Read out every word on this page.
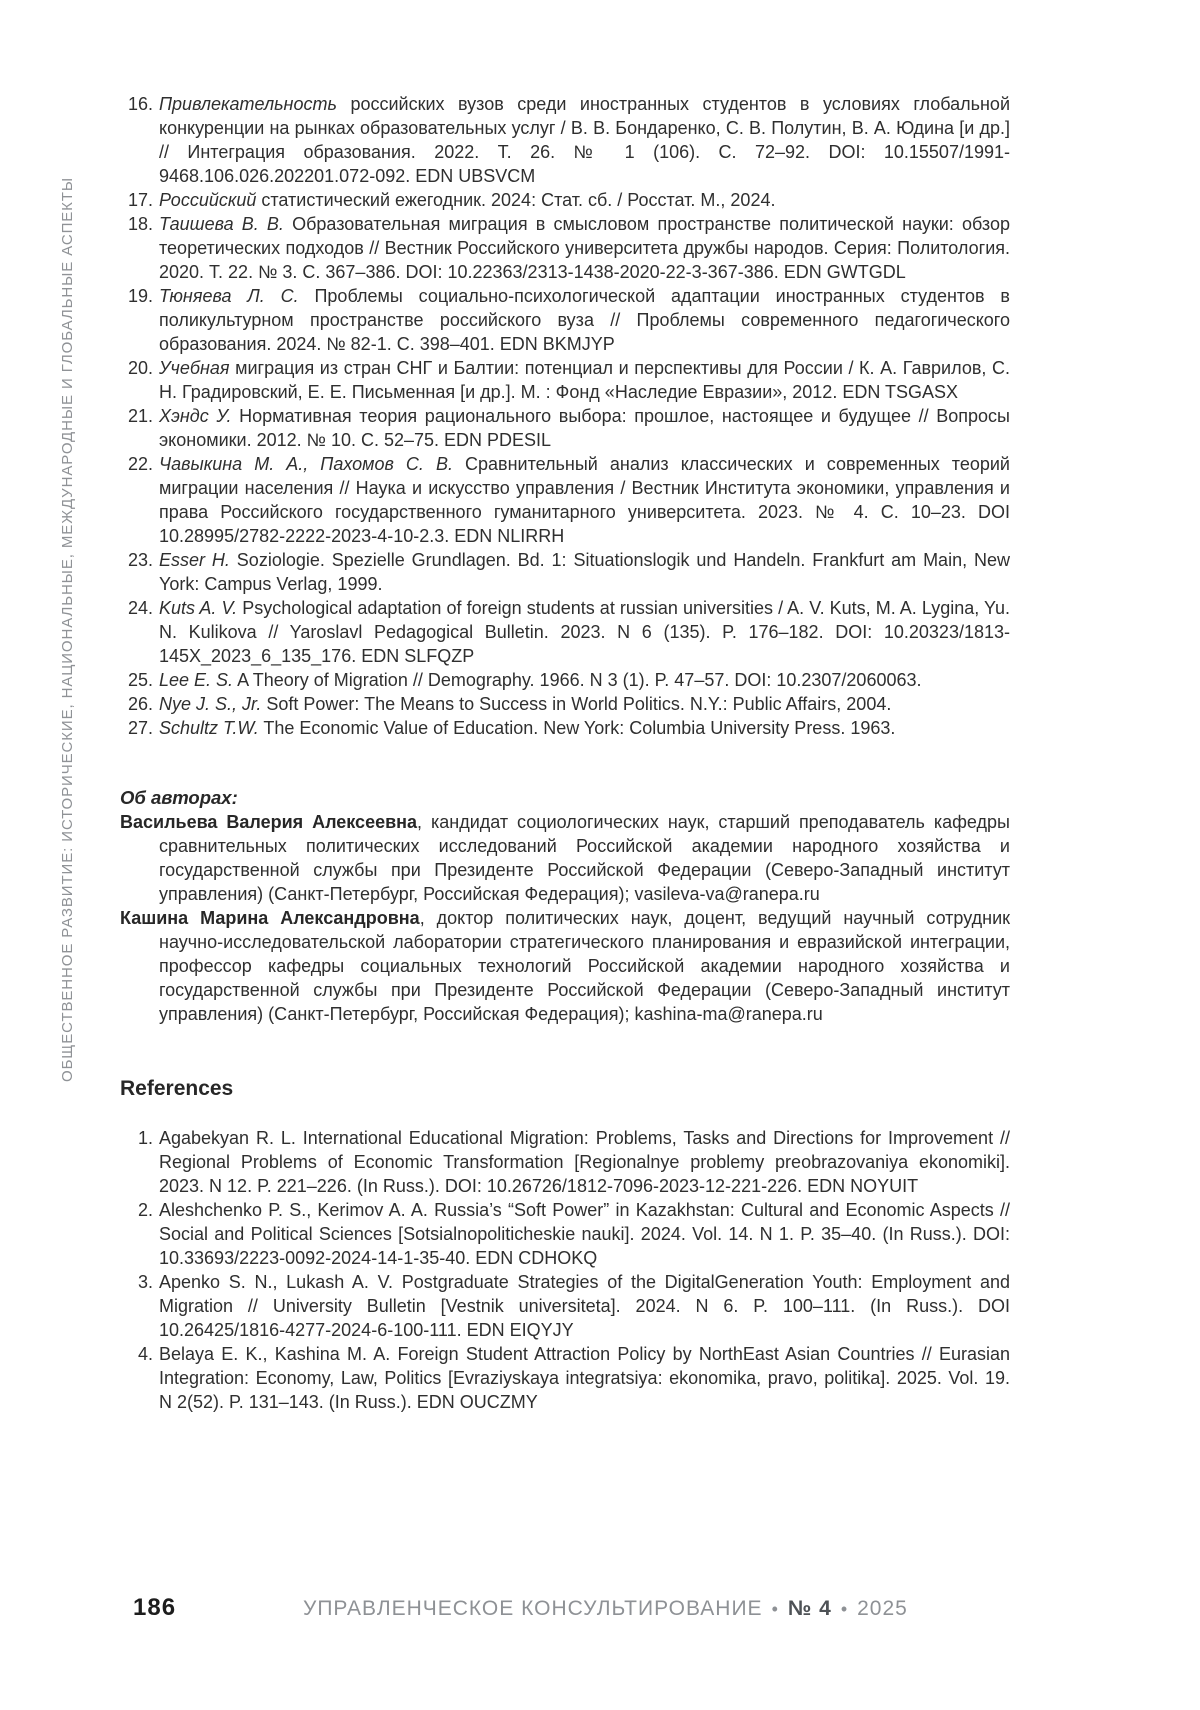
ОБЩЕСТВЕННОЕ РАЗВИТИЕ: ИСТОРИЧЕСКИЕ, НАЦИОНАЛЬНЫЕ, МЕЖДУНАРОДНЫЕ И ГЛОБАЛЬНЫЕ АСПЕКТЫ

16. Привлекательность российских вузов среди иностранных студентов в условиях глобальной конкуренции на рынках образовательных услуг / В. В. Бондаренко, С. В. Полутин, В. А. Юдина [и др.] // Интеграция образования. 2022. Т. 26. № 1 (106). С. 72–92. DOI: 10.15507/1991-9468.106.026.202201.072-092. EDN UBSVCM

17. Российский статистический ежегодник. 2024: Стат. сб. / Росстат. М., 2024.

18. Таишева В. В. Образовательная миграция в смысловом пространстве политической науки: обзор теоретических подходов // Вестник Российского университета дружбы народов. Серия: Политология. 2020. Т. 22. № 3. С. 367–386. DOI: 10.22363/2313-1438-2020-22-3-367-386. EDN GWTGDL

19. Тюняева Л. С. Проблемы социально-психологической адаптации иностранных студентов в поликультурном пространстве российского вуза // Проблемы современного педагогического образования. 2024. № 82-1. С. 398–401. EDN BKMJYP

20. Учебная миграция из стран СНГ и Балтии: потенциал и перспективы для России / К. А. Гаврилов, С. Н. Градировский, Е. Е. Письменная [и др.]. М. : Фонд «Наследие Евразии», 2012. EDN TSGASX

21. Хэндс У. Нормативная теория рационального выбора: прошлое, настоящее и будущее // Вопросы экономики. 2012. № 10. С. 52–75. EDN PDESIL

22. Чавыкина М. А., Пахомов С. В. Сравнительный анализ классических и современных теорий миграции населения // Наука и искусство управления / Вестник Института экономики, управления и права Российского государственного гуманитарного университета. 2023. № 4. С. 10–23. DOI 10.28995/2782-2222-2023-4-10-2.3. EDN NLIRRH

23. Esser H. Soziologie. Spezielle Grundlagen. Bd. 1: Situationslogik und Handeln. Frankfurt am Main, New York: Campus Verlag, 1999.

24. Kuts A. V. Psychological adaptation of foreign students at russian universities / A. V. Kuts, M. A. Lygina, Yu. N. Kulikova // Yaroslavl Pedagogical Bulletin. 2023. N 6 (135). P. 176–182. DOI: 10.20323/1813-145X_2023_6_135_176. EDN SLFQZP

25. Lee E. S. A Theory of Migration // Demography. 1966. N 3 (1). P. 47–57. DOI: 10.2307/2060063.

26. Nye J. S., Jr. Soft Power: The Means to Success in World Politics. N.Y.: Public Affairs, 2004.

27. Schultz T.W. The Economic Value of Education. New York: Columbia University Press. 1963.

Об авторах:

Васильева Валерия Алексеевна, кандидат социологических наук, старший преподаватель кафедры сравнительных политических исследований Российской академии народного хозяйства и государственной службы при Президенте Российской Федерации (Северо-Западный институт управления) (Санкт-Петербург, Российская Федерация); vasileva-va@ranepa.ru

Кашина Марина Александровна, доктор политических наук, доцент, ведущий научный сотрудник научно-исследовательской лаборатории стратегического планирования и евразийской интеграции, профессор кафедры социальных технологий Российской академии народного хозяйства и государственной службы при Президенте Российской Федерации (Северо-Западный институт управления) (Санкт-Петербург, Российская Федерация); kashina-ma@ranepa.ru

References

1. Agabekyan R. L. International Educational Migration: Problems, Tasks and Directions for Improvement // Regional Problems of Economic Transformation [Regionalnye problemy preobrazovaniya ekonomiki]. 2023. N 12. P. 221–226. (In Russ.). DOI: 10.26726/1812-7096-2023-12-221-226. EDN NOYUIT

2. Aleshchenko P. S., Kerimov A. A. Russia’s “Soft Power” in Kazakhstan: Cultural and Economic Aspects // Social and Political Sciences [Sotsialnopoliticheskie nauki]. 2024. Vol. 14. N 1. P. 35–40. (In Russ.). DOI: 10.33693/2223-0092-2024-14-1-35-40. EDN CDHOKQ

3. Apenko S. N., Lukash A. V. Postgraduate Strategies of the DigitalGeneration Youth: Employment and Migration // University Bulletin [Vestnik universiteta]. 2024. N 6. P. 100–111. (In Russ.). DOI 10.26425/1816-4277-2024-6-100-111. EDN EIQYJY

4. Belaya E. K., Kashina M. A. Foreign Student Attraction Policy by NorthEast Asian Countries // Eurasian Integration: Economy, Law, Politics [Evraziyskaya integratsiya: ekonomika, pravo, politika]. 2025. Vol. 19. N 2(52). P. 131–143. (In Russ.). EDN OUCZMY

186	УПРАВЛЕНЧЕСКОЕ КОНСУЛЬТИРОВАНИЕ • № 4 • 2025
